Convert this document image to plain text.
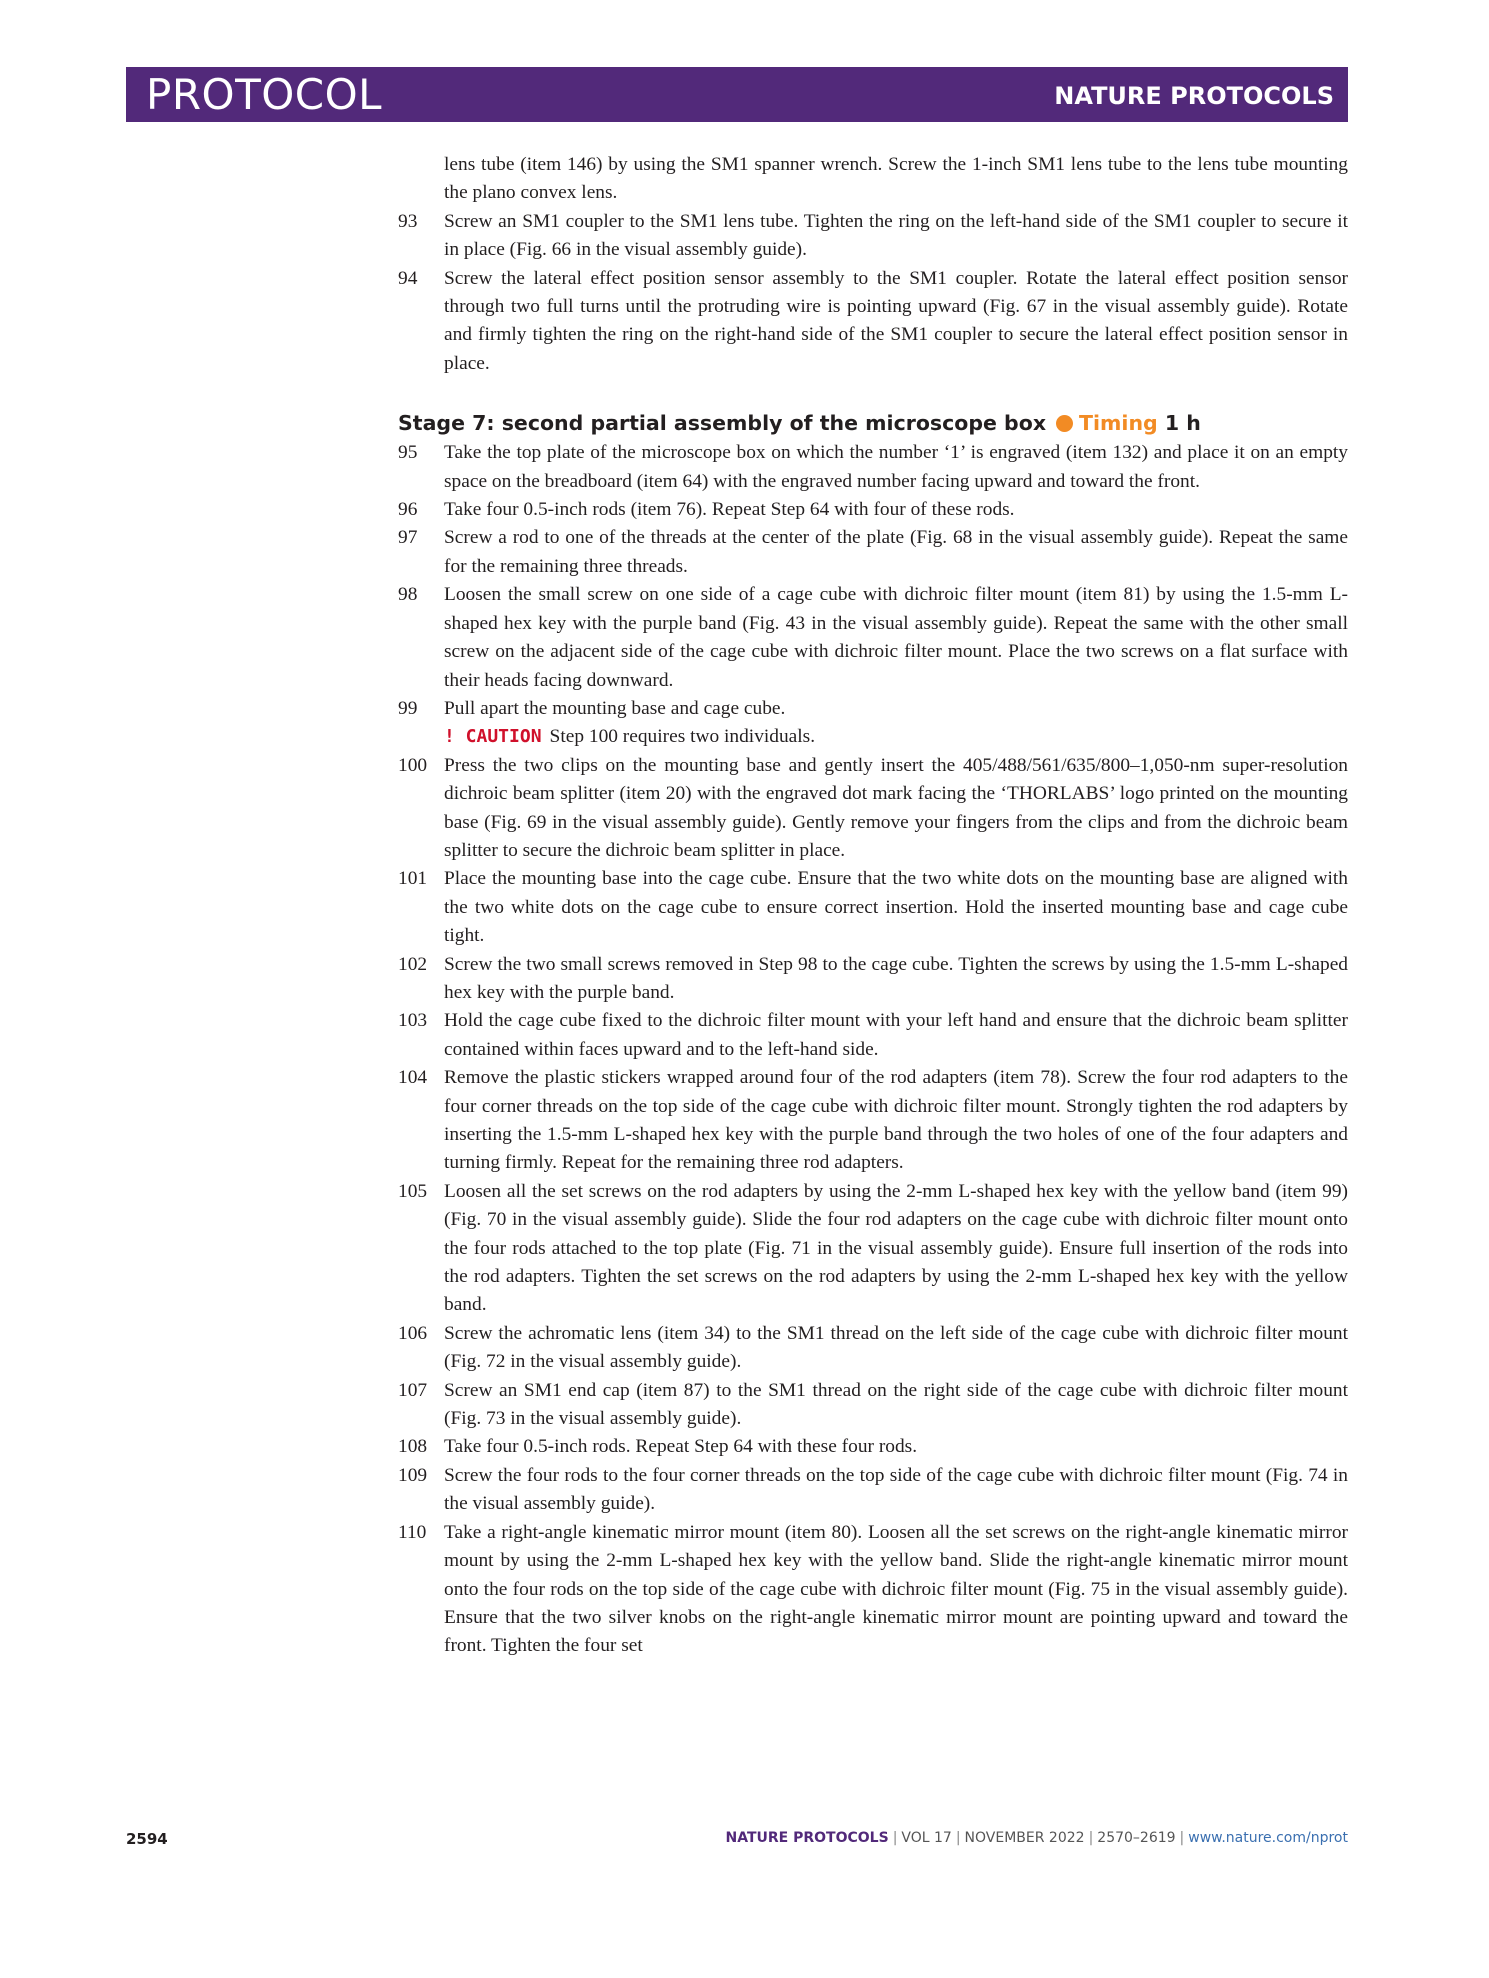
PROTOCOL	NATURE PROTOCOLS
lens tube (item 146) by using the SM1 spanner wrench. Screw the 1-inch SM1 lens tube to the lens tube mounting the plano convex lens.
93 Screw an SM1 coupler to the SM1 lens tube. Tighten the ring on the left-hand side of the SM1 coupler to secure it in place (Fig. 66 in the visual assembly guide).
94 Screw the lateral effect position sensor assembly to the SM1 coupler. Rotate the lateral effect position sensor through two full turns until the protruding wire is pointing upward (Fig. 67 in the visual assembly guide). Rotate and firmly tighten the ring on the right-hand side of the SM1 coupler to secure the lateral effect position sensor in place.
Stage 7: second partial assembly of the microscope box Timing 1 h
95 Take the top plate of the microscope box on which the number ‘1’ is engraved (item 132) and place it on an empty space on the breadboard (item 64) with the engraved number facing upward and toward the front.
96 Take four 0.5-inch rods (item 76). Repeat Step 64 with four of these rods.
97 Screw a rod to one of the threads at the center of the plate (Fig. 68 in the visual assembly guide). Repeat the same for the remaining three threads.
98 Loosen the small screw on one side of a cage cube with dichroic filter mount (item 81) by using the 1.5-mm L-shaped hex key with the purple band (Fig. 43 in the visual assembly guide). Repeat the same with the other small screw on the adjacent side of the cage cube with dichroic filter mount. Place the two screws on a flat surface with their heads facing downward.
99 Pull apart the mounting base and cage cube.
! CAUTION Step 100 requires two individuals.
100 Press the two clips on the mounting base and gently insert the 405/488/561/635/800–1,050-nm super-resolution dichroic beam splitter (item 20) with the engraved dot mark facing the ‘THORLABS’ logo printed on the mounting base (Fig. 69 in the visual assembly guide). Gently remove your fingers from the clips and from the dichroic beam splitter to secure the dichroic beam splitter in place.
101 Place the mounting base into the cage cube. Ensure that the two white dots on the mounting base are aligned with the two white dots on the cage cube to ensure correct insertion. Hold the inserted mounting base and cage cube tight.
102 Screw the two small screws removed in Step 98 to the cage cube. Tighten the screws by using the 1.5-mm L-shaped hex key with the purple band.
103 Hold the cage cube fixed to the dichroic filter mount with your left hand and ensure that the dichroic beam splitter contained within faces upward and to the left-hand side.
104 Remove the plastic stickers wrapped around four of the rod adapters (item 78). Screw the four rod adapters to the four corner threads on the top side of the cage cube with dichroic filter mount. Strongly tighten the rod adapters by inserting the 1.5-mm L-shaped hex key with the purple band through the two holes of one of the four adapters and turning firmly. Repeat for the remaining three rod adapters.
105 Loosen all the set screws on the rod adapters by using the 2-mm L-shaped hex key with the yellow band (item 99) (Fig. 70 in the visual assembly guide). Slide the four rod adapters on the cage cube with dichroic filter mount onto the four rods attached to the top plate (Fig. 71 in the visual assembly guide). Ensure full insertion of the rods into the rod adapters. Tighten the set screws on the rod adapters by using the 2-mm L-shaped hex key with the yellow band.
106 Screw the achromatic lens (item 34) to the SM1 thread on the left side of the cage cube with dichroic filter mount (Fig. 72 in the visual assembly guide).
107 Screw an SM1 end cap (item 87) to the SM1 thread on the right side of the cage cube with dichroic filter mount (Fig. 73 in the visual assembly guide).
108 Take four 0.5-inch rods. Repeat Step 64 with these four rods.
109 Screw the four rods to the four corner threads on the top side of the cage cube with dichroic filter mount (Fig. 74 in the visual assembly guide).
110 Take a right-angle kinematic mirror mount (item 80). Loosen all the set screws on the right-angle kinematic mirror mount by using the 2-mm L-shaped hex key with the yellow band. Slide the right-angle kinematic mirror mount onto the four rods on the top side of the cage cube with dichroic filter mount (Fig. 75 in the visual assembly guide). Ensure that the two silver knobs on the right-angle kinematic mirror mount are pointing upward and toward the front. Tighten the four set
2594	NATURE PROTOCOLS | VOL 17 | NOVEMBER 2022 | 2570–2619 | www.nature.com/nprot
